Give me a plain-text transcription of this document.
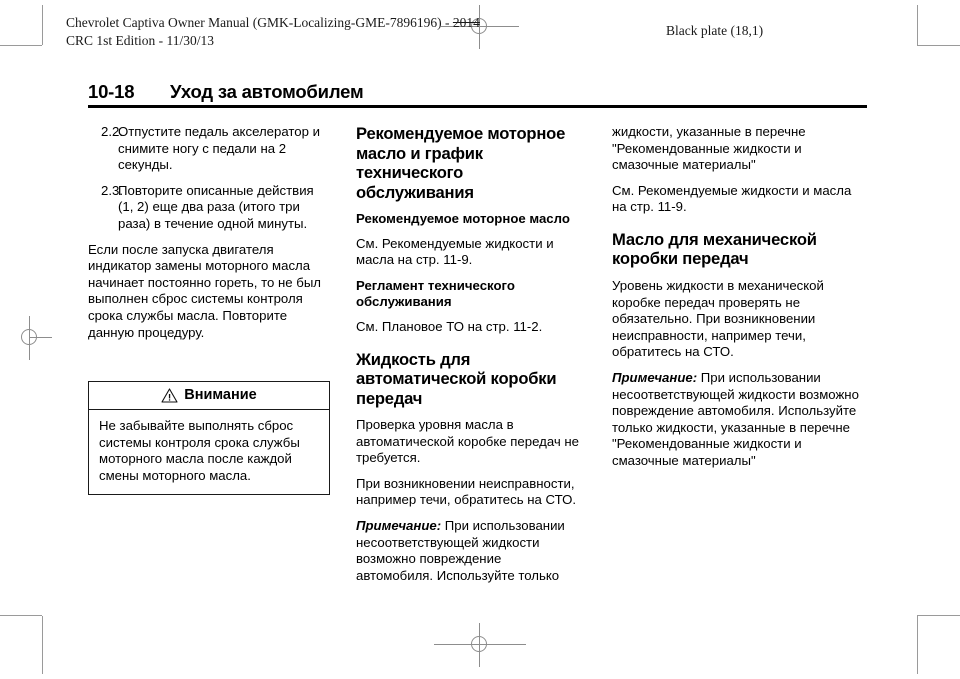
Chevrolet Captiva Owner Manual (GMK-Localizing-GME-7896196) - 2014
CRC 1st Edition - 11/30/13
Black plate (18,1)
10-18	Уход за автомобилем
2.2.
Отпустите педаль акселератор и снимите ногу с педали на 2 секунды.
2.3.
Повторите описанные действия (1, 2) еще два раза (итого три раза) в течение одной минуты.

Если после запуска двигателя индикатор замены моторного масла начинает постоянно гореть, то не был выполнен сброс системы контроля срока службы масла. Повторите данную процедуру.

Внимание
Не забывайте выполнять сброс системы контроля срока службы моторного масла после каждой смены моторного масла.
Рекомендуемое моторное масло и график технического обслуживания
Рекомендуемое моторное масло

См. Рекомендуемые жидкости и масла на стр. 11-9.

Регламент технического обслуживания

См. Плановое ТО на стр. 11-2.

Жидкость для автоматической коробки передач

Проверка уровня масла в автоматической коробке передач не требуется.

При возникновении неисправности, например течи, обратитесь на СТО.

Примечание: При использовании несоответствующей жидкости возможно повреждение автомобиля. Используйте только

жидкости, указанные в перечне "Рекомендованные жидкости и смазочные материалы"

См. Рекомендуемые жидкости и масла на стр. 11-9.

Масло для механической коробки передач

Уровень жидкости в механической коробке передач проверять не обязательно. При возникновении неисправности, например течи, обратитесь на СТО.

Примечание: При использовании несоответствующей жидкости возможно повреждение автомобиля. Используйте только жидкости, указанные в перечне "Рекомендованные жидкости и смазочные материалы"
